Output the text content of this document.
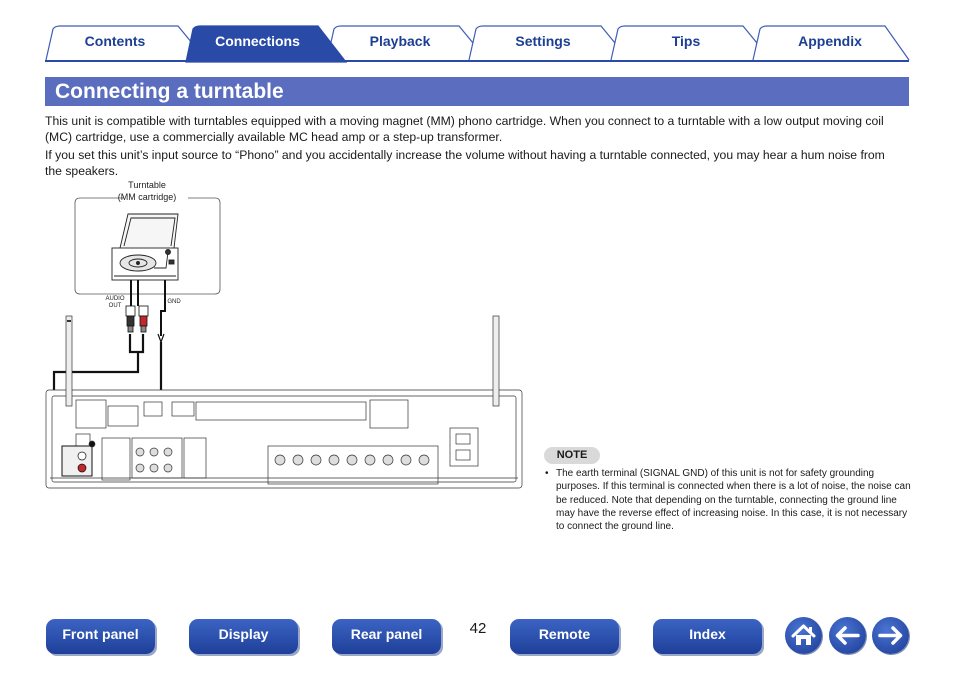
Contents	Connections	Playback	Settings	Tips	Appendix
Connecting a turntable

This unit is compatible with turntables equipped with a moving magnet (MM) phono cartridge. When you connect to a turntable with a low output moving coil (MC) cartridge, use a commercially available MC head amp or a step-up transformer.

If you set this unit’s input source to “Phono” and you accidentally increase the volume without having a turntable connected, you may hear a hum noise from the speakers.

Turntable
(MM cartridge)
AUDIO
OUT
GND
NOTE
• The earth terminal (SIGNAL GND) of this unit is not for safety grounding purposes. If this terminal is connected when there is a lot of noise, the noise can be reduced. Note that depending on the turntable, connecting the ground line may have the reverse effect of increasing noise. In this case, it is not necessary to connect the ground line.

Front panel	Display	Rear panel	42	Remote	Index
